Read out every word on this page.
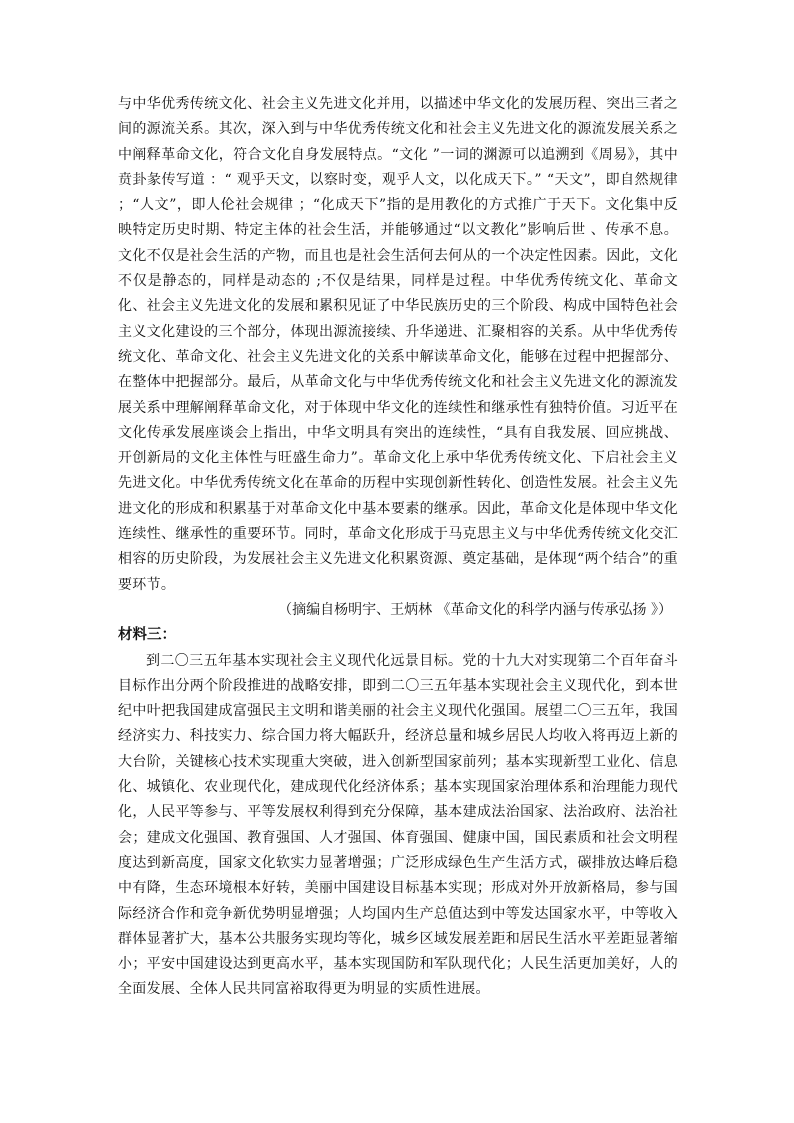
与中华优秀传统文化、社会主义先进文化并用，以描述中华文化的发展历程、突出三者之间的源流关系。其次，深入到与中华优秀传统文化和社会主义先进文化的源流发展关系之中阐释革命文化，符合文化自身发展特点。“文化 ”一词的渊源可以追溯到《周易》，其中贲卦彖传写道 ：“ 观乎天文，以察时变，观乎人文，以化成天下。” “天文”，即自然规律 ；“人文”，即人伦社会规律 ；“化成天下”指的是用教化的方式推广于天下。文化集中反映特定历史时期、特定主体的社会生活，并能够通过“以文教化”影响后世 、传承不息。文化不仅是社会生活的产物，而且也是社会生活何去何从的一个决定性因素。因此，文化不仅是静态的，同样是动态的 ;不仅是结果，同样是过程。中华优秀传统文化、革命文化、社会主义先进文化的发展和累积见证了中华民族历史的三个阶段、构成中国特色社会主义文化建设的三个部分，体现出源流接续、升华递进、汇聚相容的关系。从中华优秀传统文化、革命文化、社会主义先进文化的关系中解读革命文化，能够在过程中把握部分、在整体中把握部分。最后，从革命文化与中华优秀传统文化和社会主义先进文化的源流发展关系中理解阐释革命文化，对于体现中华文化的连续性和继承性有独特价值。习近平在文化传承发展座谈会上指出，中华文明具有突出的连续性，“具有自我发展、回应挑战、开创新局的文化主体性与旺盛生命力”。革命文化上承中华优秀传统文化、下启社会主义先进文化。中华优秀传统文化在革命的历程中实现创新性转化、创造性发展。社会主义先进文化的形成和积累基于对革命文化中基本要素的继承。因此，革命文化是体现中华文化连续性、继承性的重要环节。同时，革命文化形成于马克思主义与中华优秀传统文化交汇相容的历史阶段，为发展社会主义先进文化积累资源、奠定基础，是体现“两个结合”的重要环节。

（摘编自杨明宇、王炳林 《革命文化的科学内涵与传承弘扬 》）

材料三：

到二〇三五年基本实现社会主义现代化远景目标。党的十九大对实现第二个百年奋斗目标作出分两个阶段推进的战略安排，即到二〇三五年基本实现社会主义现代化，到本世纪中叶把我国建成富强民主文明和谐美丽的社会主义现代化强国。展望二〇三五年，我国经济实力、科技实力、综合国力将大幅跃升，经济总量和城乡居民人均收入将再迈上新的大台阶，关键核心技术实现重大突破，进入创新型国家前列；基本实现新型工业化、信息化、城镇化、农业现代化，建成现代化经济体系；基本实现国家治理体系和治理能力现代化，人民平等参与、平等发展权利得到充分保障，基本建成法治国家、法治政府、法治社会；建成文化强国、教育强国、人才强国、体育强国、健康中国，国民素质和社会文明程度达到新高度，国家文化软实力显著增强；广泛形成绿色生产生活方式，碳排放达峰后稳中有降，生态环境根本好转，美丽中国建设目标基本实现；形成对外开放新格局，参与国际经济合作和竞争新优势明显增强；人均国内生产总值达到中等发达国家水平，中等收入群体显著扩大，基本公共服务实现均等化，城乡区域发展差距和居民生活水平差距显著缩小；平安中国建设达到更高水平，基本实现国防和军队现代化；人民生活更加美好，人的全面发展、全体人民共同富裕取得更为明显的实质性进展。
